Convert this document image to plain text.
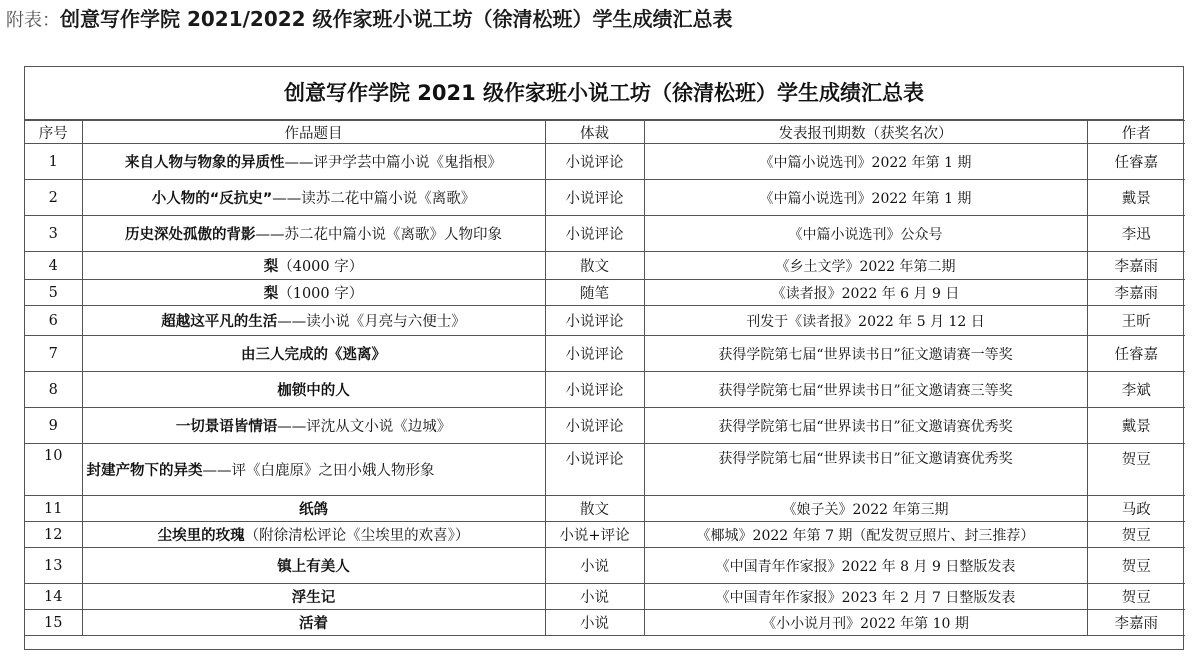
附表：创意写作学院 2021/2022 级作家班小说工坊（徐清松班）学生成绩汇总表
创意写作学院 2021 级作家班小说工坊（徐清松班）学生成绩汇总表
序号	作品题目	体裁	发表报刊期数（获奖名次）	作者
1	来自人物与物象的异质性——评尹学芸中篇小说《鬼指根》	小说评论	《中篇小说选刊》2022 年第 1 期	任睿嘉
2	小人物的“反抗史”——读苏二花中篇小说《离歌》	小说评论	《中篇小说选刊》2022 年第 1 期	戴景
3	历史深处孤傲的背影——苏二花中篇小说《离歌》人物印象	小说评论	《中篇小说选刊》公众号	李迅
4	梨（4000 字）	散文	《乡土文学》2022 年第二期	李嘉雨
5	梨（1000 字）	随笔	《读者报》2022 年 6 月 9 日	李嘉雨
6	超越这平凡的生活——读小说《月亮与六便士》	小说评论	刊发于《读者报》2022 年 5 月 12 日	王昕
7	由三人完成的《逃离》	小说评论	获得学院第七届“世界读书日”征文邀请赛一等奖	任睿嘉
8	枷锁中的人	小说评论	获得学院第七届“世界读书日”征文邀请赛三等奖	李斌
9	一切景语皆情语——评沈从文小说《边城》	小说评论	获得学院第七届“世界读书日”征文邀请赛优秀奖	戴景
10	封建产物下的异类——评《白鹿原》之田小娥人物形象	小说评论	获得学院第七届“世界读书日”征文邀请赛优秀奖	贺豆
11	纸鸽	散文	《娘子关》2022 年第三期	马政
12	尘埃里的玫瑰（附徐清松评论《尘埃里的欢喜》）	小说+评论	《椰城》2022 年第 7 期（配发贺豆照片、封三推荐）	贺豆
13	镇上有美人	小说	《中国青年作家报》2022 年 8 月 9 日整版发表	贺豆
14	浮生记	小说	《中国青年作家报》2023 年 2 月 7 日整版发表	贺豆
15	活着	小说	《小小说月刊》2022 年第 10 期	李嘉雨
